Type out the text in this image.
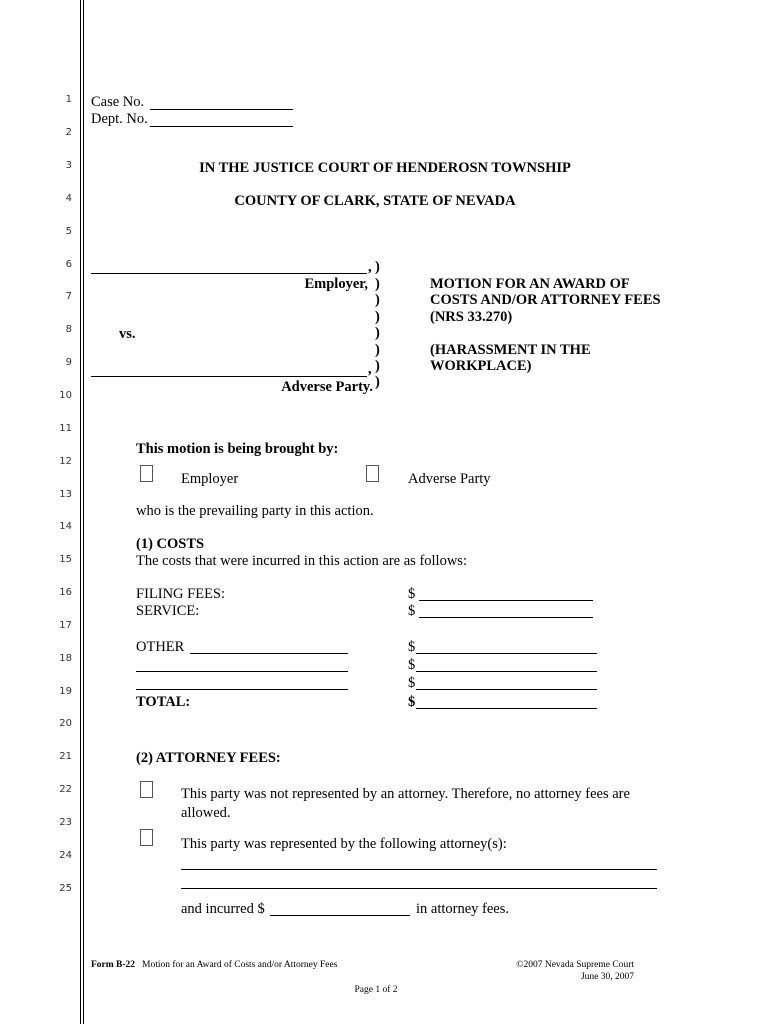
1
2
3
4
5
6
7
8
9
10
11
12
13
14
15
16
17
18
19
20
21
22
23
24
25
Case No.
Dept. No.
IN THE JUSTICE COURT OF HENDEROSN TOWNSHIP
COUNTY OF CLARK, STATE OF NEVADA
,
Employer,
vs.
,
Adverse Party.
)
)
)
)
)
)
)
)
MOTION FOR AN AWARD OF
COSTS AND/OR ATTORNEY FEES
(NRS 33.270)
(HARASSMENT IN THE
WORKPLACE)
This motion is being brought by:
Employer	Adverse Party
who is the prevailing party in this action.
(1) COSTS
The costs that were incurred in this action are as follows:
FILING FEES:	$
SERVICE:	$
OTHER	$
$
$
TOTAL:	$
(2) ATTORNEY FEES:
This party was not represented by an attorney. Therefore, no attorney fees are
allowed.
This party was represented by the following attorney(s):
and incurred $	in attorney fees.
Form B-22 Motion for an Award of Costs and/or Attorney Fees	©2007 Nevada Supreme Court
June 30, 2007
Page 1 of 2
